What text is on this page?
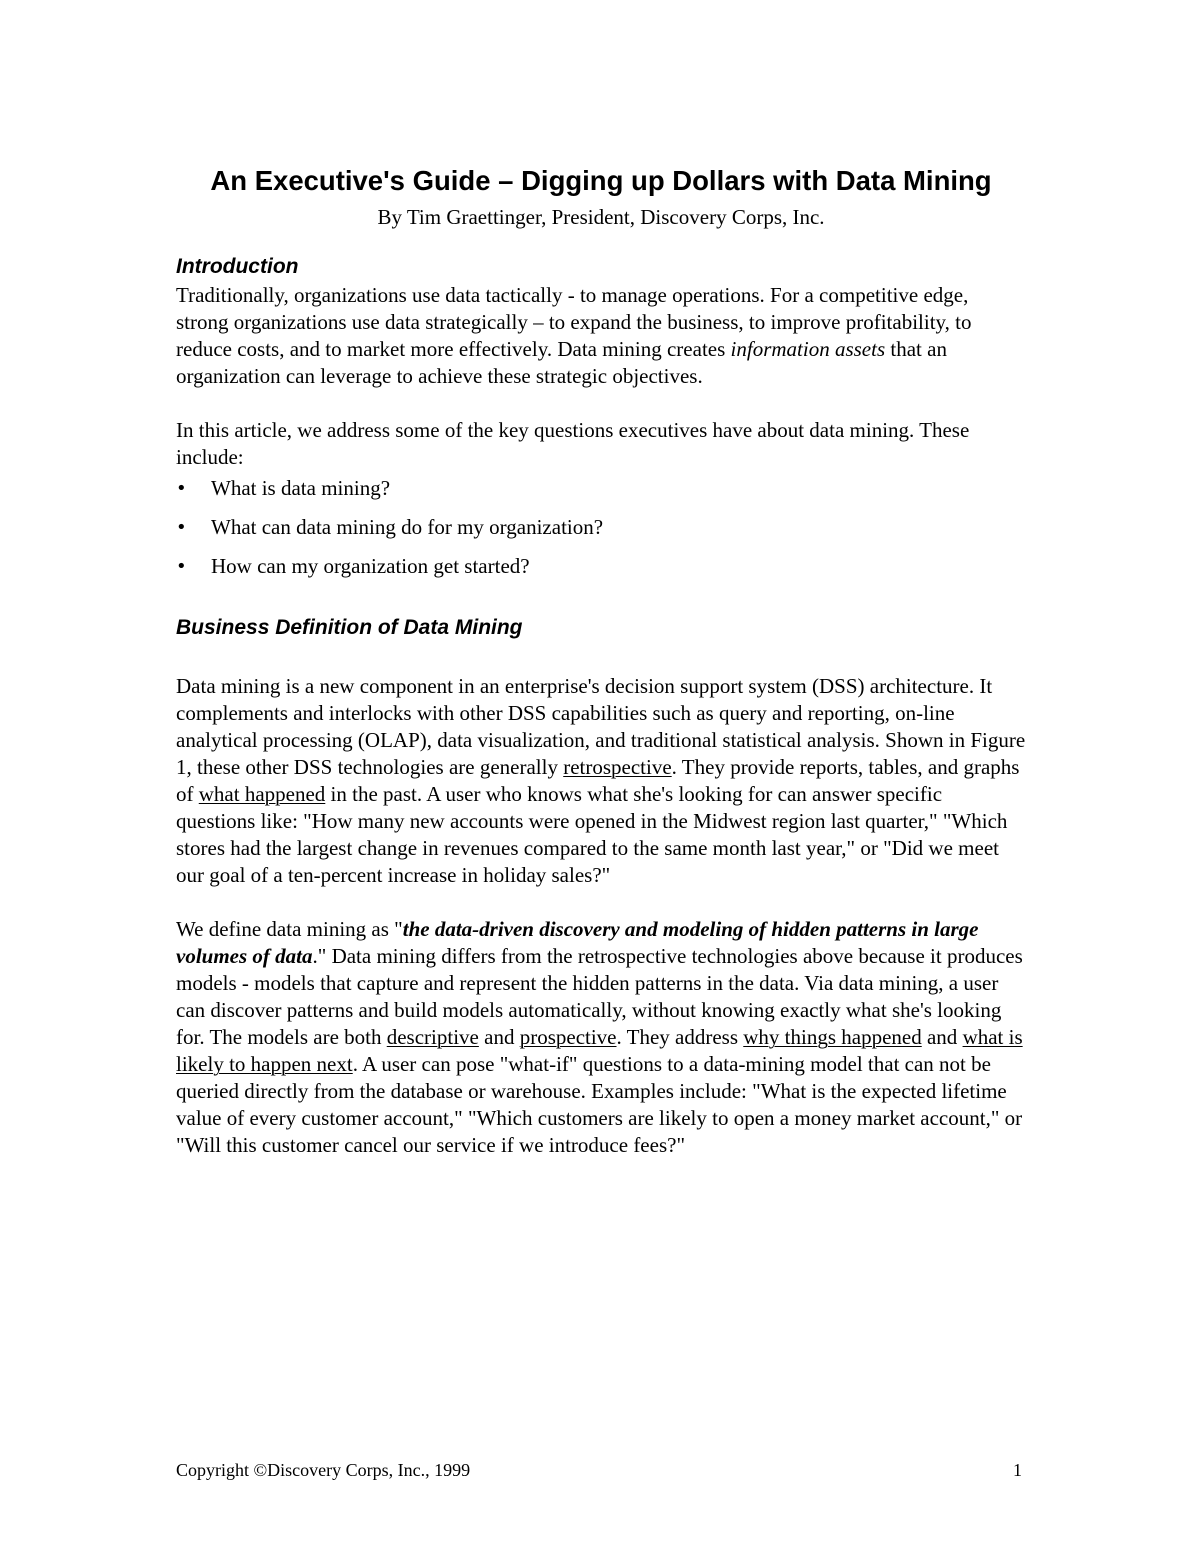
An Executive's Guide – Digging up Dollars with Data Mining

By Tim Graettinger, President, Discovery Corps, Inc.

Introduction

Traditionally, organizations use data tactically - to manage operations. For a competitive edge, strong organizations use data strategically – to expand the business, to improve profitability, to reduce costs, and to market more effectively. Data mining creates information assets that an organization can leverage to achieve these strategic objectives.

In this article, we address some of the key questions executives have about data mining. These include:

• What is data mining?
• What can data mining do for my organization?
• How can my organization get started?
Business Definition of Data Mining

Data mining is a new component in an enterprise's decision support system (DSS) architecture. It complements and interlocks with other DSS capabilities such as query and reporting, on-line analytical processing (OLAP), data visualization, and traditional statistical analysis. Shown in Figure 1, these other DSS technologies are generally retrospective. They provide reports, tables, and graphs of what happened in the past. A user who knows what she's looking for can answer specific questions like: "How many new accounts were opened in the Midwest region last quarter," "Which stores had the largest change in revenues compared to the same month last year," or "Did we meet our goal of a ten-percent increase in holiday sales?"

We define data mining as "the data-driven discovery and modeling of hidden patterns in large volumes of data." Data mining differs from the retrospective technologies above because it produces models - models that capture and represent the hidden patterns in the data. Via data mining, a user can discover patterns and build models automatically, without knowing exactly what she's looking for. The models are both descriptive and prospective. They address why things happened and what is likely to happen next. A user can pose "what-if" questions to a data-mining model that can not be queried directly from the database or warehouse. Examples include: "What is the expected lifetime value of every customer account," "Which customers are likely to open a money market account," or "Will this customer cancel our service if we introduce fees?"

Copyright ©Discovery Corps, Inc., 1999	1
